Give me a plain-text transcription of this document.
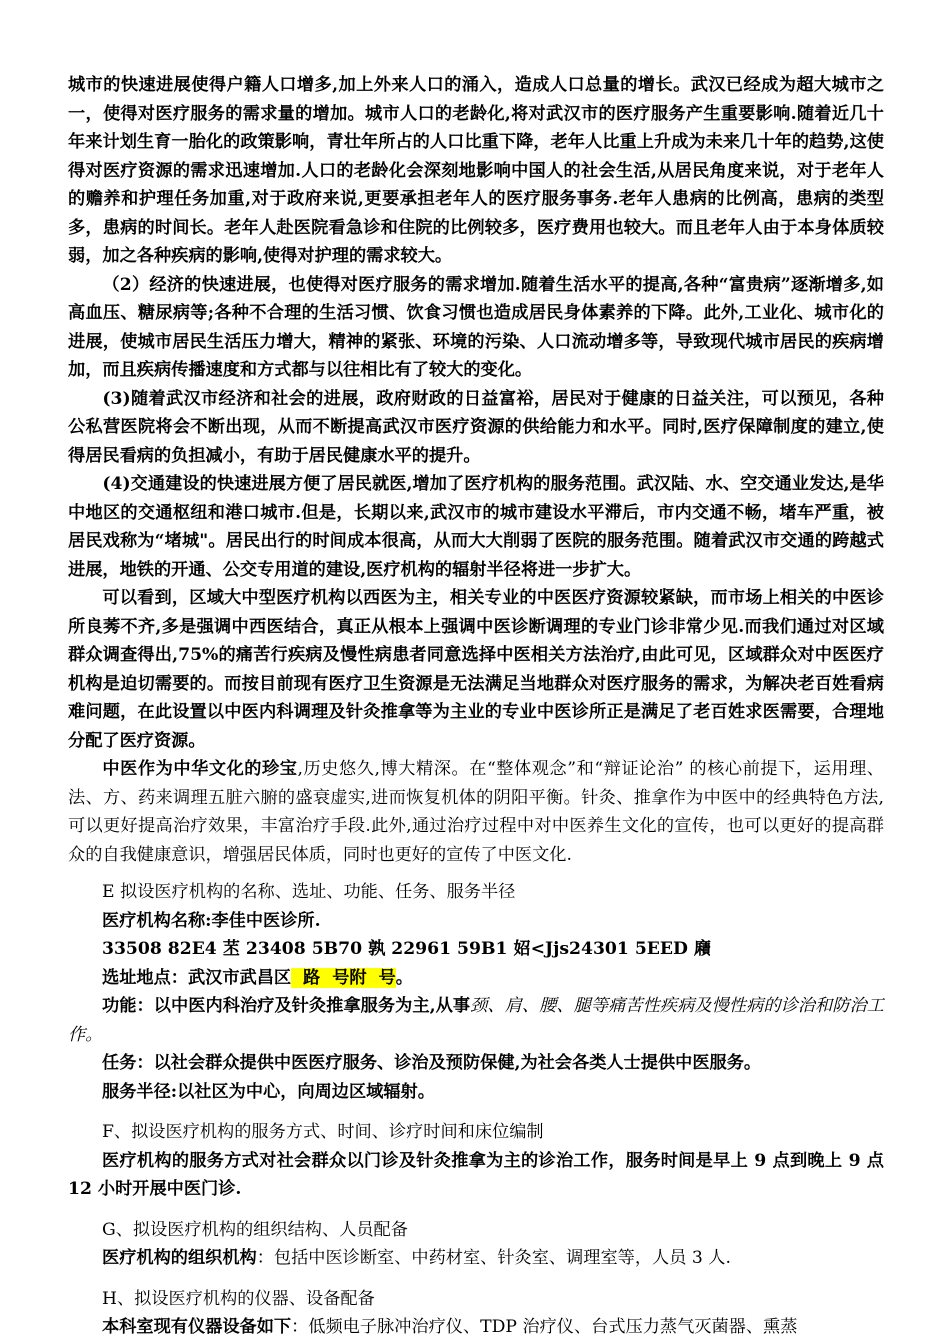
城市的快速进展使得户籍人口增多,加上外来人口的涌入，造成人口总量的增长。武汉已经成为超大城市之一，使得对医疗服务的需求量的增加。城市人口的老龄化,将对武汉市的医疗服务产生重要影响.随着近几十年来计划生育一胎化的政策影响，青壮年所占的人口比重下降，老年人比重上升成为未来几十年的趋势,这使得对医疗资源的需求迅速增加.人口的老龄化会深刻地影响中国人的社会生活,从居民角度来说，对于老年人的赡养和护理任务加重,对于政府来说,更要承担老年人的医疗服务事务.老年人患病的比例高，患病的类型多，患病的时间长。老年人赴医院看急诊和住院的比例较多，医疗费用也较大。而且老年人由于本身体质较弱，加之各种疾病的影响,使得对护理的需求较大。

（2）经济的快速进展，也使得对医疗服务的需求增加.随着生活水平的提高,各种“富贵病”逐渐增多,如高血压、糖尿病等;各种不合理的生活习惯、饮食习惯也造成居民身体素养的下降。此外,工业化、城市化的进展，使城市居民生活压力增大，精神的紧张、环境的污染、人口流动增多等，导致现代城市居民的疾病增加，而且疾病传播速度和方式都与以往相比有了较大的变化。

(3)随着武汉市经济和社会的进展，政府财政的日益富裕，居民对于健康的日益关注，可以预见，各种公私营医院将会不断出现，从而不断提高武汉市医疗资源的供给能力和水平。同时,医疗保障制度的建立,使得居民看病的负担减小，有助于居民健康水平的提升。

(4)交通建设的快速进展方便了居民就医,增加了医疗机构的服务范围。武汉陆、水、空交通业发达,是华中地区的交通枢纽和港口城市.但是，长期以来,武汉市的城市建设水平滞后，市内交通不畅，堵车严重，被居民戏称为“堵城"。居民出行的时间成本很高，从而大大削弱了医院的服务范围。随着武汉市交通的跨越式进展，地铁的开通、公交专用道的建设,医疗机构的辐射半径将进一步扩大。

可以看到，区域大中型医疗机构以西医为主，相关专业的中医医疗资源较紧缺，而市场上相关的中医诊所良莠不齐,多是强调中西医结合，真正从根本上强调中医诊断调理的专业门诊非常少见.而我们通过对区域群众调查得出,75%的痛苦行疾病及慢性病患者同意选择中医相关方法治疗,由此可见，区域群众对中医医疗机构是迫切需要的。而按目前现有医疗卫生资源是无法满足当地群众对医疗服务的需求，为解决老百姓看病难问题，在此设置以中医内科调理及针灸推拿等为主业的专业中医诊所正是满足了老百姓求医需要，合理地分配了医疗资源。

中医作为中华文化的珍宝,历史悠久,博大精深。在“整体观念”和“辩证论治” 的核心前提下，运用理、法、方、药来调理五脏六腑的盛衰虚实,进而恢复机体的阴阳平衡。针灸、推拿作为中医中的经典特色方法,可以更好提高治疗效果，丰富治疗手段.此外,通过治疗过程中对中医养生文化的宣传，也可以更好的提高群众的自我健康意识，增强居民体质，同时也更好的宣传了中医文化.

E 拟设医疗机构的名称、选址、功能、任务、服务半径

医疗机构名称:李佳中医诊所.

33508 82E4 苤 23408 5B70 孰 22961 59B1 妱<Jjs24301 5EED 廭

选址地点：武汉市武昌区  路  号附  号。

功能：以中医内科治疗及针灸推拿服务为主,从事颈、肩、腰、腿等痛苦性疾病及慢性病的诊治和防治工作。

任务：以社会群众提供中医医疗服务、诊治及预防保健,为社会各类人士提供中医服务。

服务半径:以社区为中心，向周边区域辐射。

F、拟设医疗机构的服务方式、时间、诊疗时间和床位编制

医疗机构的服务方式对社会群众以门诊及针灸推拿为主的诊治工作，服务时间是早上 9 点到晚上 9 点 12 小时开展中医门诊.

G、拟设医疗机构的组织结构、人员配备

医疗机构的组织机构：包括中医诊断室、中药材室、针灸室、调理室等，人员 3 人.

H、拟设医疗机构的仪器、设备配备

本科室现有仪器设备如下：低频电子脉冲治疗仪、TDP 治疗仪、台式压力蒸气灭菌器、熏蒸
